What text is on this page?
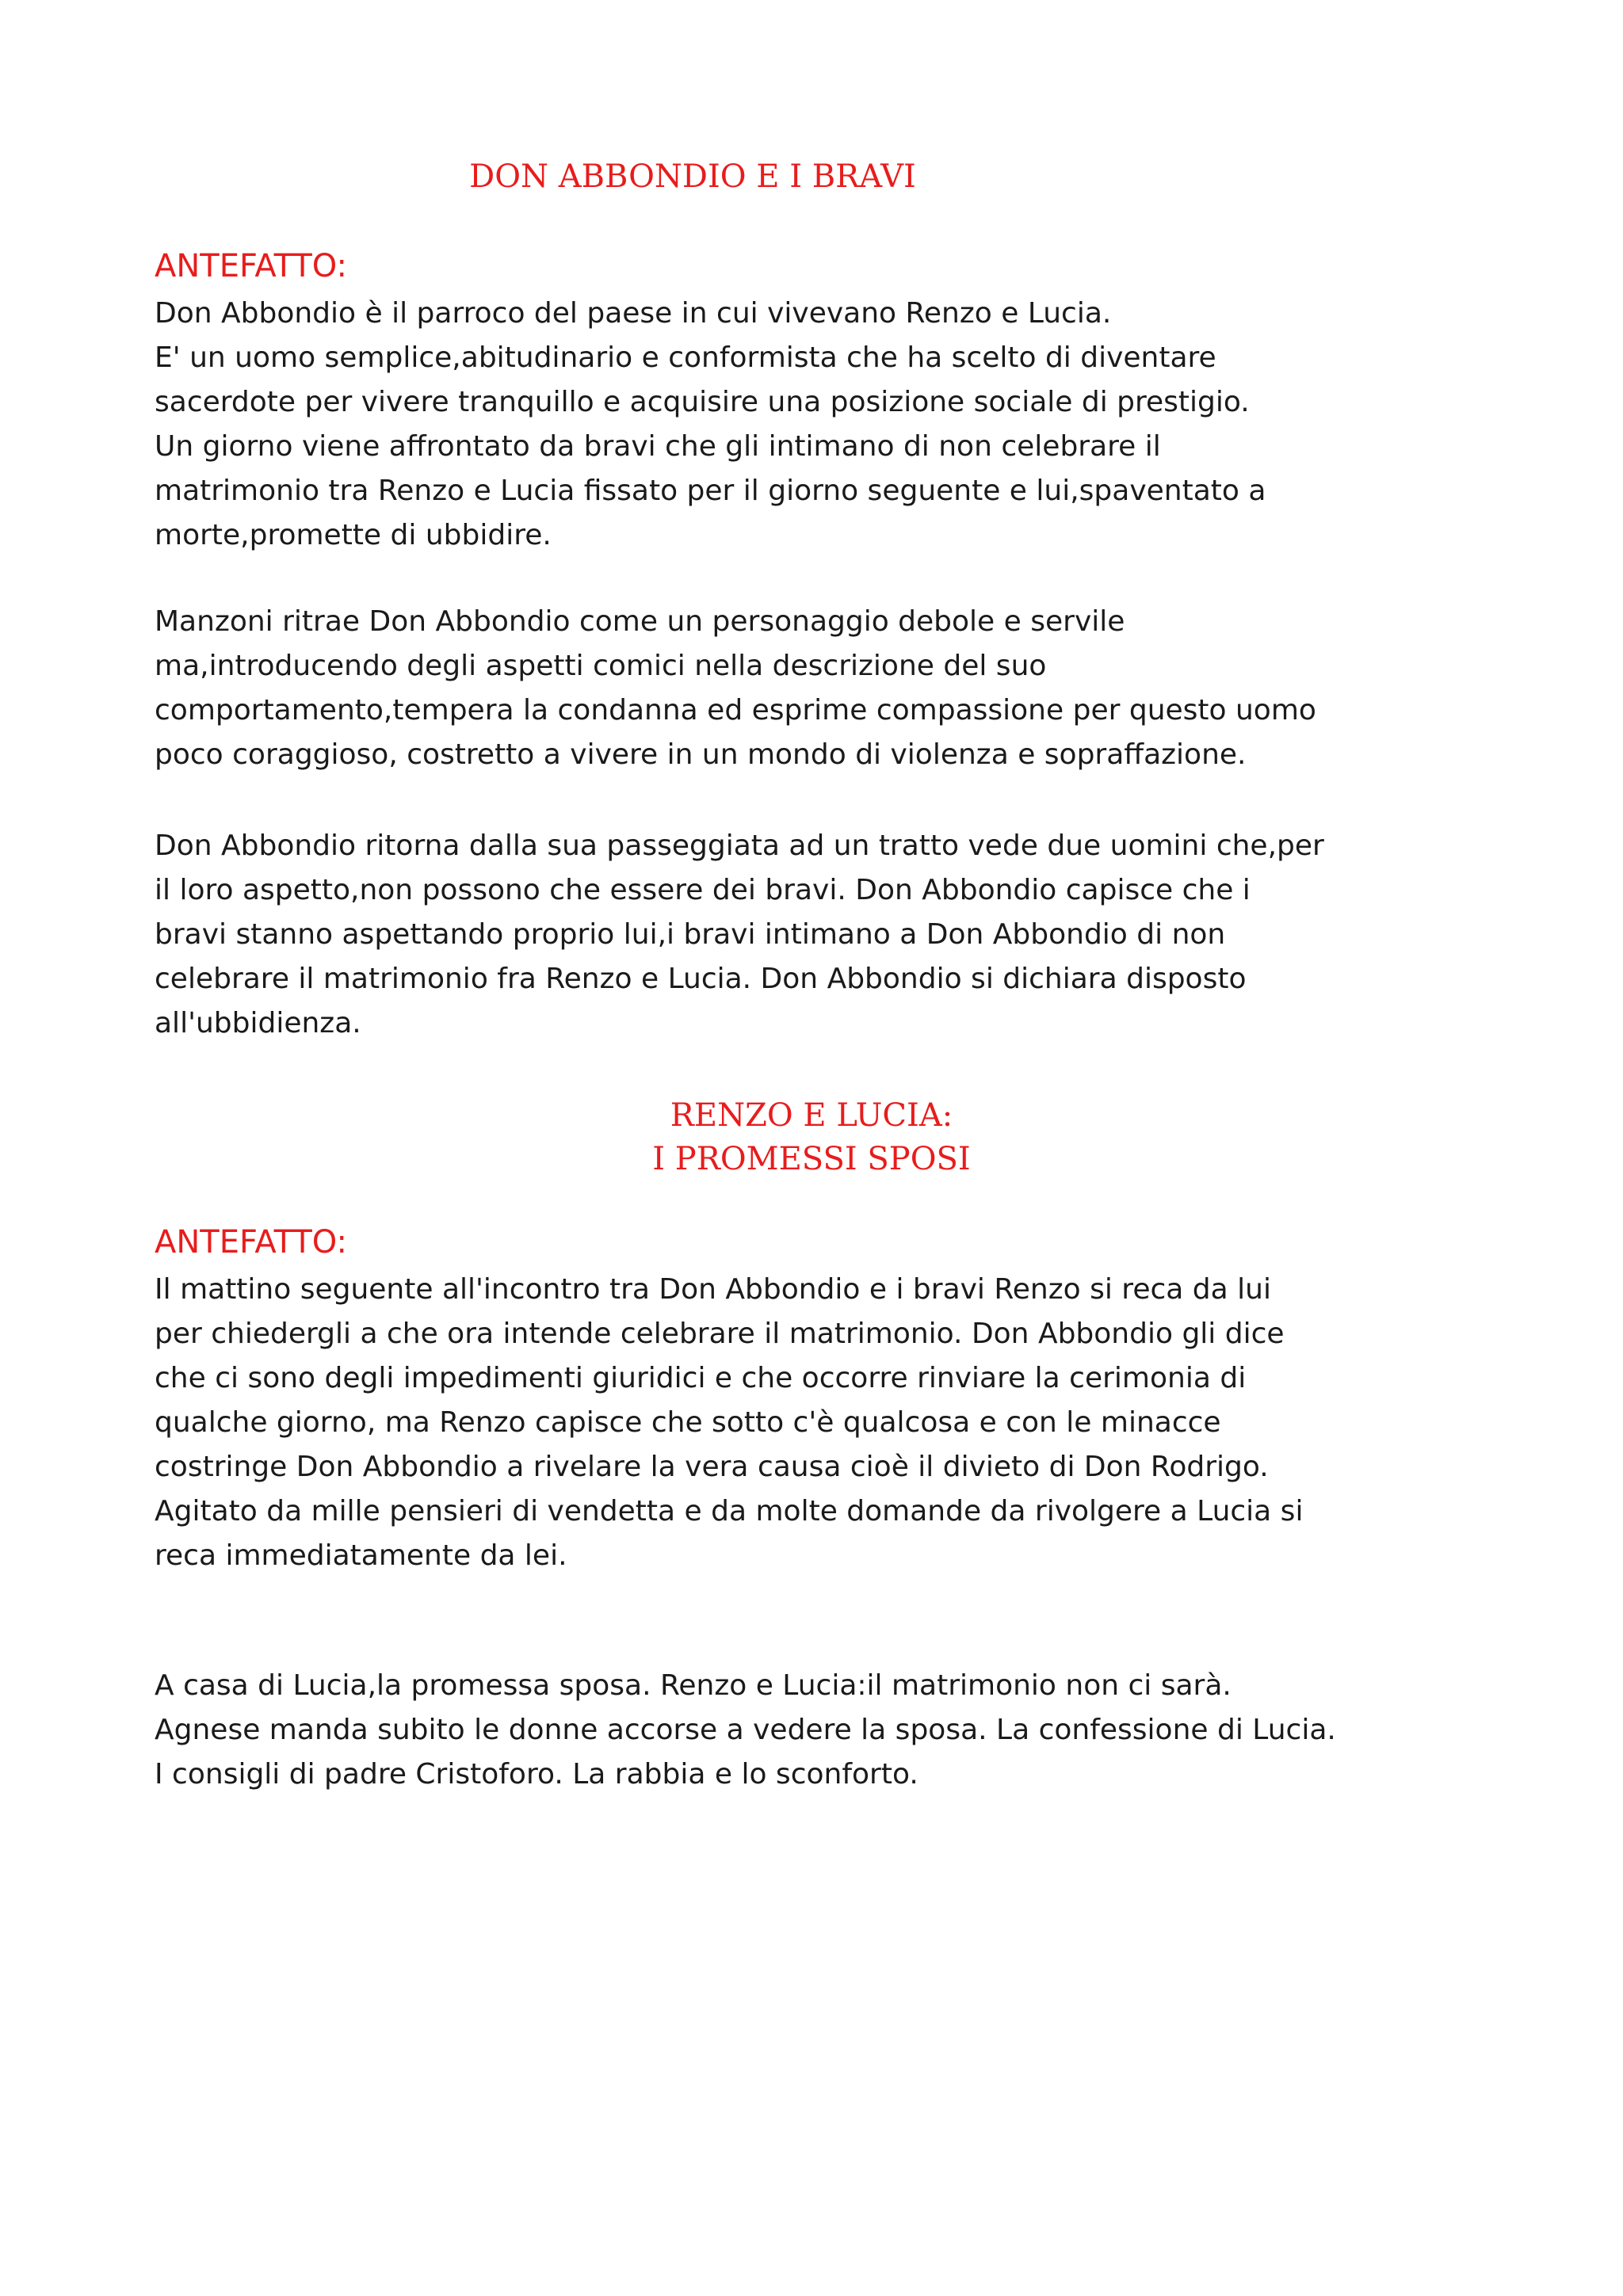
DON ABBONDIO E I BRAVI
ANTEFATTO:

Don Abbondio è il parroco del paese in cui vivevano Renzo e Lucia.
E' un uomo semplice,abitudinario e conformista che ha scelto di diventare
sacerdote per vivere tranquillo e acquisire una posizione sociale di prestigio.
Un giorno viene affrontato da bravi che gli intimano di non celebrare il
matrimonio tra Renzo e Lucia fissato per il giorno seguente e lui,spaventato a
morte,promette di ubbidire.

Manzoni ritrae Don Abbondio come un personaggio debole e servile
ma,introducendo degli aspetti comici nella descrizione del suo
comportamento,tempera la condanna ed esprime compassione per questo uomo
poco coraggioso, costretto a vivere in un mondo di violenza e sopraffazione.

Don Abbondio ritorna dalla sua passeggiata ad un tratto vede due uomini che,per
il loro aspetto,non possono che essere dei bravi. Don Abbondio capisce che i
bravi stanno aspettando proprio lui,i bravi intimano a Don Abbondio di non
celebrare il matrimonio fra Renzo e Lucia. Don Abbondio si dichiara disposto
all'ubbidienza.

RENZO E LUCIA:
I PROMESSI SPOSI
ANTEFATTO:

Il mattino seguente all'incontro tra Don Abbondio e i bravi Renzo si reca da lui
per chiedergli a che ora intende celebrare il matrimonio. Don Abbondio gli dice
che ci sono degli impedimenti giuridici e che occorre rinviare la cerimonia di
qualche giorno, ma Renzo capisce che sotto c'è qualcosa e con le minacce
costringe Don Abbondio a rivelare la vera causa cioè il divieto di Don Rodrigo.
Agitato da mille pensieri di vendetta e da molte domande da rivolgere a Lucia si
reca immediatamente da lei.

A casa di Lucia,la promessa sposa. Renzo e Lucia:il matrimonio non ci sarà.
Agnese manda subito le donne accorse a vedere la sposa. La confessione di Lucia.
I consigli di padre Cristoforo. La rabbia e lo sconforto.
